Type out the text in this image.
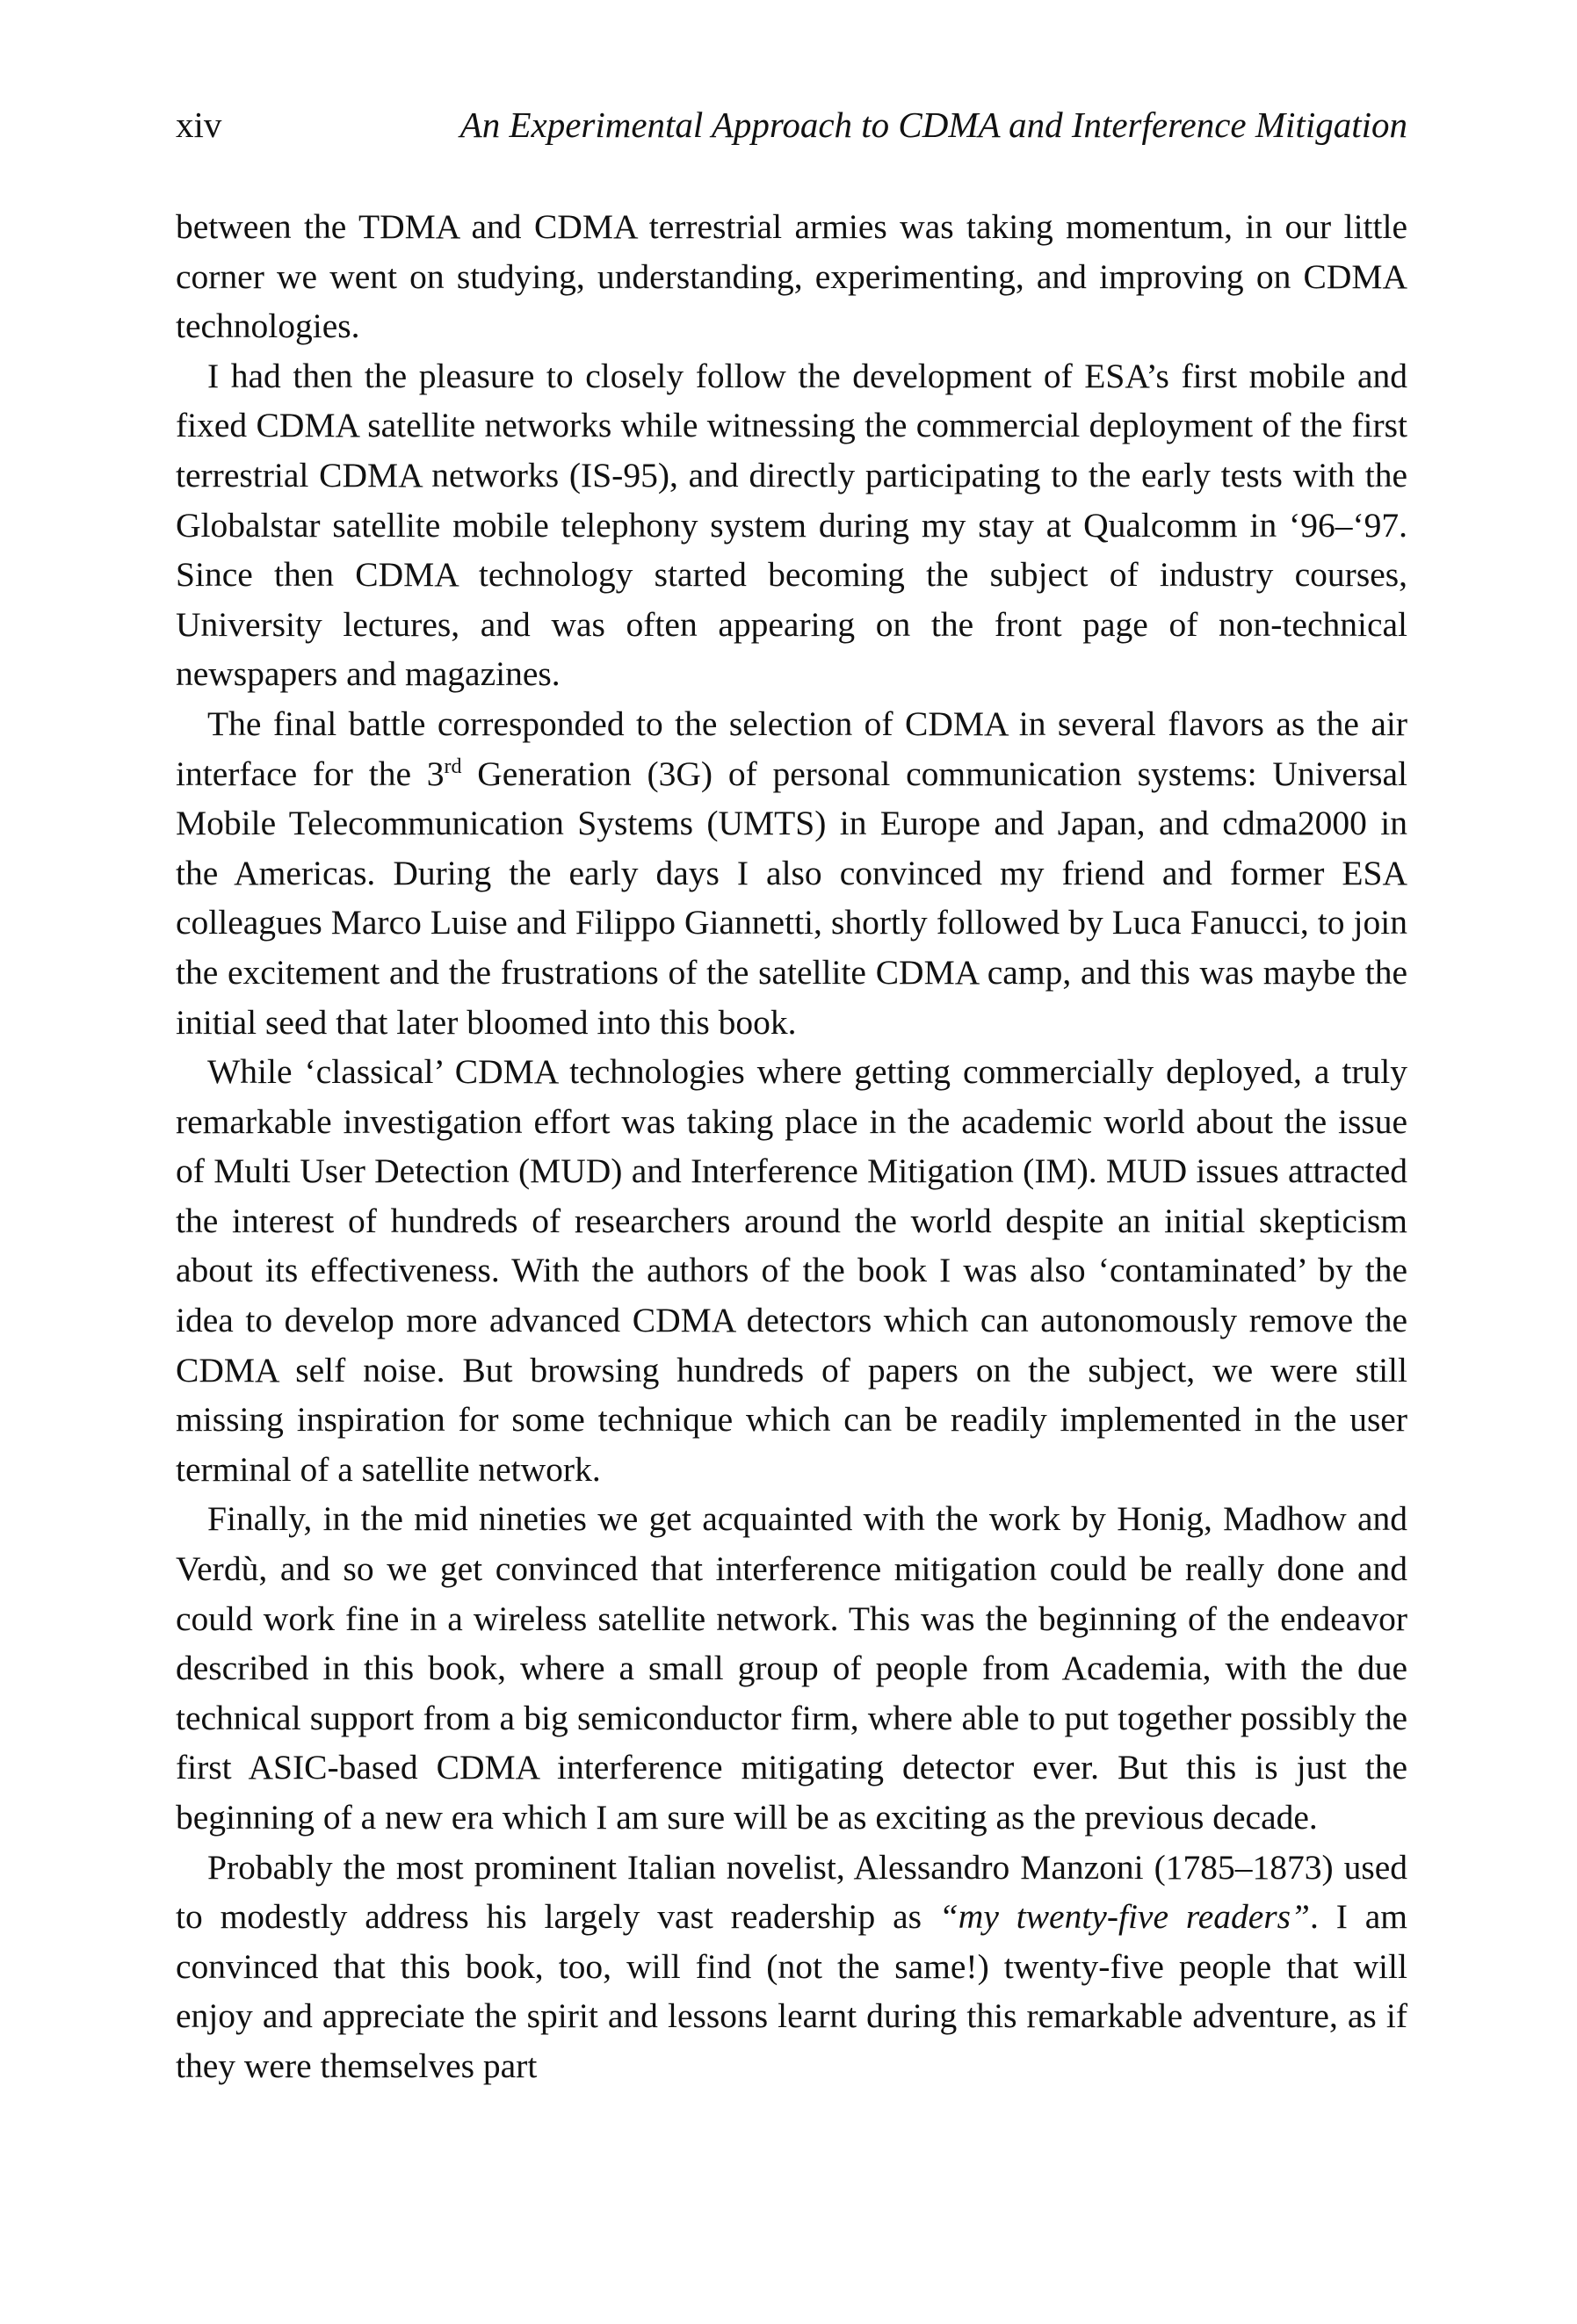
xiv	An Experimental Approach to CDMA and Interference Mitigation

between the TDMA and CDMA terrestrial armies was taking momentum, in our little corner we went on studying, understanding, experimenting, and improving on CDMA technologies.

I had then the pleasure to closely follow the development of ESA’s first mobile and fixed CDMA satellite networks while witnessing the commercial deployment of the first terrestrial CDMA networks (IS-95), and directly participating to the early tests with the Globalstar satellite mobile telephony system during my stay at Qualcomm in ‘96–‘97. Since then CDMA technology started becoming the subject of industry courses, University lectures, and was often appearing on the front page of non-technical newspapers and magazines.

The final battle corresponded to the selection of CDMA in several flavors as the air interface for the 3rd Generation (3G) of personal communication systems: Universal Mobile Telecommunication Systems (UMTS) in Europe and Japan, and cdma2000 in the Americas. During the early days I also convinced my friend and former ESA colleagues Marco Luise and Filippo Giannetti, shortly followed by Luca Fanucci, to join the excitement and the frustrations of the satellite CDMA camp, and this was maybe the initial seed that later bloomed into this book.

While ‘classical’ CDMA technologies where getting commercially deployed, a truly remarkable investigation effort was taking place in the academic world about the issue of Multi User Detection (MUD) and Interference Mitigation (IM). MUD issues attracted the interest of hundreds of researchers around the world despite an initial skepticism about its effectiveness. With the authors of the book I was also ‘contaminated’ by the idea to develop more advanced CDMA detectors which can autonomously remove the CDMA self noise. But browsing hundreds of papers on the subject, we were still missing inspiration for some technique which can be readily implemented in the user terminal of a satellite network.

Finally, in the mid nineties we get acquainted with the work by Honig, Madhow and Verdù, and so we get convinced that interference mitigation could be really done and could work fine in a wireless satellite network. This was the beginning of the endeavor described in this book, where a small group of people from Academia, with the due technical support from a big semiconductor firm, where able to put together possibly the first ASIC-based CDMA interference mitigating detector ever. But this is just the beginning of a new era which I am sure will be as exciting as the previous decade.

Probably the most prominent Italian novelist, Alessandro Manzoni (1785–1873) used to modestly address his largely vast readership as “my twenty-five readers”. I am convinced that this book, too, will find (not the same!) twenty-five people that will enjoy and appreciate the spirit and lessons learnt during this remarkable adventure, as if they were themselves part
